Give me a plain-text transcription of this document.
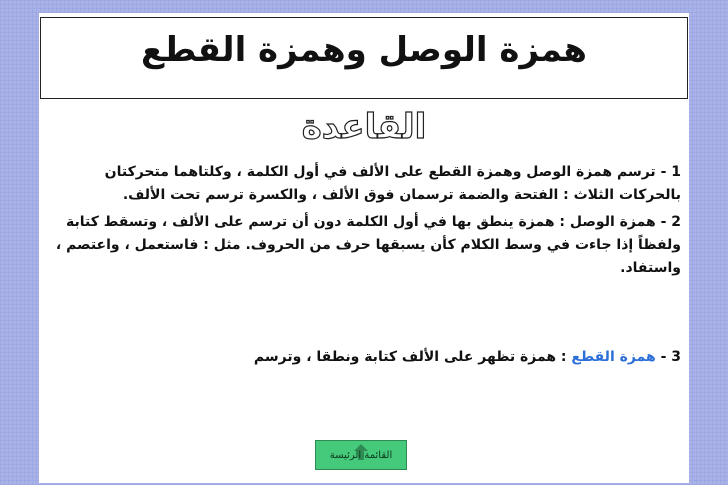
همزة الوصل وهمزة القطع
القاعدة
1 - ترسم همزة الوصل وهمزة القطع على الألف في أول الكلمة ، وكلتاهما متحركتان بالحركات الثلاث : الفتحة والضمة ترسمان فوق الألف ، والكسرة ترسم تحت الألف.
2 - همزة الوصل : همزة ينطق بها في أول الكلمة دون أن ترسم على الألف ، وتسقط كتابة ولفظاً إذا جاءت في وسط الكلام كأن يسبقها حرف من الحروف. مثل : فاستعمل ، واعتصم ، واستفاد.
3 - همزة القطع : همزة تظهر على الألف كتابة ونطقا ، وترسم
القائمة الرئيسة
